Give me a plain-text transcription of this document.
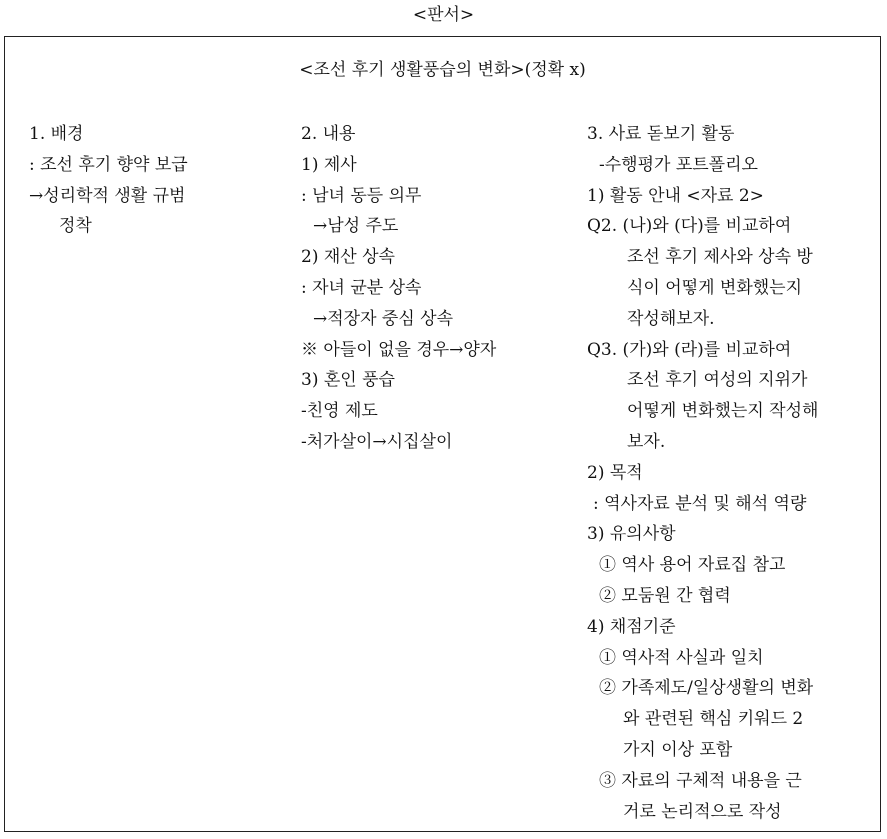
<판서>
<조선 후기 생활풍습의 변화>(정확 x)
1. 배경
: 조선 후기 향약 보급
→성리학적 생활 규범
정착
2. 내용
1) 제사
: 남녀 동등 의무
→남성 주도
2) 재산 상속
: 자녀 균분 상속
→적장자 중심 상속
※ 아들이 없을 경우→양자
3) 혼인 풍습
-친영 제도
-처가살이→시집살이
3. 사료 돋보기 활동
-수행평가 포트폴리오
1) 활동 안내 <자료 2>
Q2. (나)와 (다)를 비교하여
조선 후기 제사와 상속 방
식이 어떻게 변화했는지
작성해보자.
Q3. (가)와 (라)를 비교하여
조선 후기 여성의 지위가
어떻게 변화했는지 작성해
보자.
2) 목적
: 역사자료 분석 및 해석 역량
3) 유의사항
① 역사 용어 자료집 참고
② 모둠원 간 협력
4) 채점기준
① 역사적 사실과 일치
② 가족제도/일상생활의 변화
와 관련된 핵심 키워드 2
가지 이상 포함
③ 자료의 구체적 내용을 근
거로 논리적으로 작성
